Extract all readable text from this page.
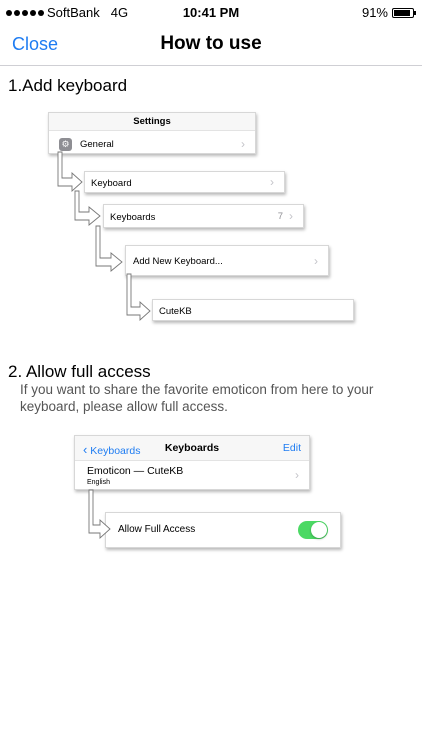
SoftBank 4G	10:41 PM	91%
Close	How to use
1.Add keyboard
Settings
⚙ General	›
Keyboard	›
Keyboards	7 ›
Add New Keyboard...	›
CuteKB
2. Allow full access
If you want to share the favorite emoticon from here to your keyboard, please allow full access.
‹ Keyboards	Keyboards	Edit
Emoticon — CuteKB
English
›
Allow Full Access
